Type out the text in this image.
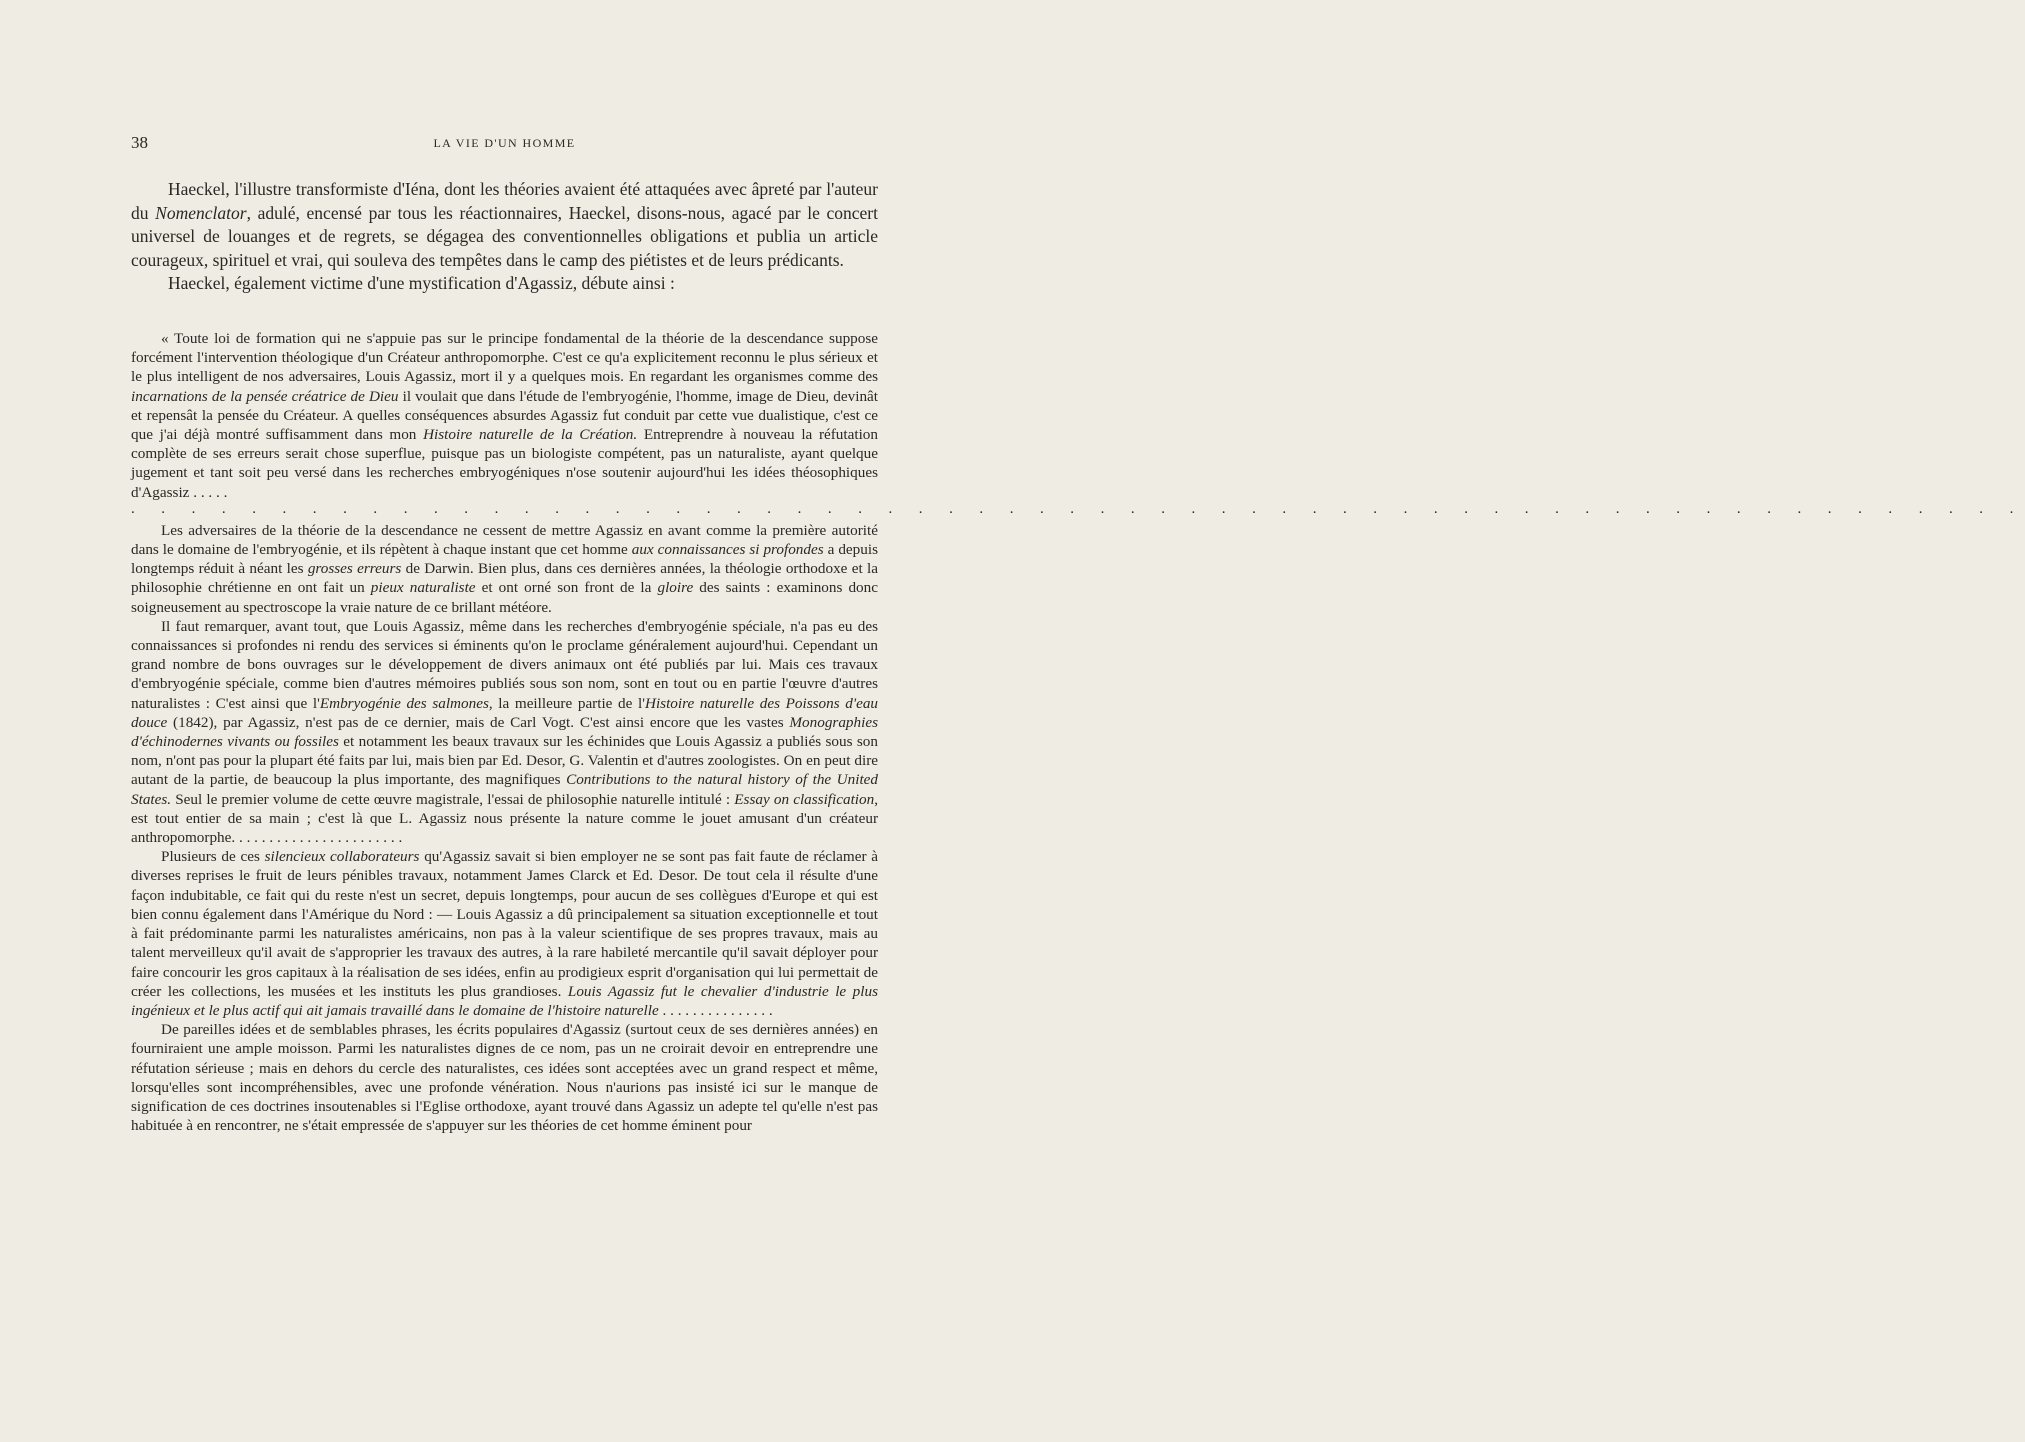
38	LA VIE D'UN HOMME

Haeckel, l'illustre transformiste d'Iéna, dont les théories avaient été attaquées avec âpreté par l'auteur du Nomenclator, adulé, encensé par tous les réactionnaires, Haeckel, disons-nous, agacé par le concert universel de louanges et de regrets, se dégagea des conventionnelles obligations et publia un article courageux, spirituel et vrai, qui souleva des tempêtes dans le camp des piétistes et de leurs prédicants.

Haeckel, également victime d'une mystification d'Agassiz, débute ainsi :

« Toute loi de formation qui ne s'appuie pas sur le principe fondamental de la théorie de la descendance suppose forcément l'intervention théologique d'un Créateur anthropomorphe. C'est ce qu'a explicitement reconnu le plus sérieux et le plus intelligent de nos adversaires, Louis Agassiz, mort il y a quelques mois. En regardant les organismes comme des incarnations de la pensée créatrice de Dieu il voulait que dans l'étude de l'embryogénie, l'homme, image de Dieu, devinât et repensât la pensée du Créateur. A quelles conséquences absurdes Agassiz fut conduit par cette vue dualistique, c'est ce que j'ai déjà montré suffisamment dans mon Histoire naturelle de la Création. Entreprendre à nouveau la réfutation complète de ses erreurs serait chose superflue, puisque pas un biologiste compétent, pas un naturaliste, ayant quelque jugement et tant soit peu versé dans les recherches embryogéniques n'ose soutenir aujourd'hui les idées théosophiques d'Agassiz . . . . .

. . . . . . . . . . . . . . . . . . . . . . . . . . . . . . . . . . . . . . . . . . . . . . . . . . . . . . . . . . . . . . .

Les adversaires de la théorie de la descendance ne cessent de mettre Agassiz en avant comme la première autorité dans le domaine de l'embryogénie, et ils répètent à chaque instant que cet homme aux connaissances si profondes a depuis longtemps réduit à néant les grosses erreurs de Darwin. Bien plus, dans ces dernières années, la théologie orthodoxe et la philosophie chrétienne en ont fait un pieux naturaliste et ont orné son front de la gloire des saints : examinons donc soigneusement au spectroscope la vraie nature de ce brillant météore.

Il faut remarquer, avant tout, que Louis Agassiz, même dans les recherches d'embryogénie spéciale, n'a pas eu des connaissances si profondes ni rendu des services si éminents qu'on le proclame généralement aujourd'hui. Cependant un grand nombre de bons ouvrages sur le développement de divers animaux ont été publiés par lui. Mais ces travaux d'embryogénie spéciale, comme bien d'autres mémoires publiés sous son nom, sont en tout ou en partie l'œuvre d'autres naturalistes : C'est ainsi que l'Embryogénie des salmones, la meilleure partie de l'Histoire naturelle des Poissons d'eau douce (1842), par Agassiz, n'est pas de ce dernier, mais de Carl Vogt. C'est ainsi encore que les vastes Monographies d'échinodernes vivants ou fossiles et notamment les beaux travaux sur les échinides que Louis Agassiz a publiés sous son nom, n'ont pas pour la plupart été faits par lui, mais bien par Ed. Desor, G. Valentin et d'autres zoologistes. On en peut dire autant de la partie, de beaucoup la plus importante, des magnifiques Contributions to the natural history of the United States. Seul le premier volume de cette œuvre magistrale, l'essai de philosophie naturelle intitulé : Essay on classification, est tout entier de sa main ; c'est là que L. Agassiz nous présente la nature comme le jouet amusant d'un créateur anthropomorphe. . . . . . . . . . . . . . . . . . . . . . .

Plusieurs de ces silencieux collaborateurs qu'Agassiz savait si bien employer ne se sont pas fait faute de réclamer à diverses reprises le fruit de leurs pénibles travaux, notamment James Clarck et Ed. Desor. De tout cela il résulte d'une façon indubitable, ce fait qui du reste n'est un secret, depuis longtemps, pour aucun de ses collègues d'Europe et qui est bien connu également dans l'Amérique du Nord : — Louis Agassiz a dû principalement sa situation exceptionnelle et tout à fait prédominante parmi les naturalistes américains, non pas à la valeur scientifique de ses propres travaux, mais au talent merveilleux qu'il avait de s'approprier les travaux des autres, à la rare habileté mercantile qu'il savait déployer pour faire concourir les gros capitaux à la réalisation de ses idées, enfin au prodigieux esprit d'organisation qui lui permettait de créer les collections, les musées et les instituts les plus grandioses. Louis Agassiz fut le chevalier d'industrie le plus ingénieux et le plus actif qui ait jamais travaillé dans le domaine de l'histoire naturelle . . . . . . . . . . . . . . .

De pareilles idées et de semblables phrases, les écrits populaires d'Agassiz (surtout ceux de ses dernières années) en fourniraient une ample moisson. Parmi les naturalistes dignes de ce nom, pas un ne croirait devoir en entreprendre une réfutation sérieuse ; mais en dehors du cercle des naturalistes, ces idées sont acceptées avec un grand respect et même, lorsqu'elles sont incompréhensibles, avec une profonde vénération. Nous n'aurions pas insisté ici sur le manque de signification de ces doctrines insoutenables si l'Eglise orthodoxe, ayant trouvé dans Agassiz un adepte tel qu'elle n'est pas habituée à en rencontrer, ne s'était empressée de s'appuyer sur les théories de cet homme éminent pour
